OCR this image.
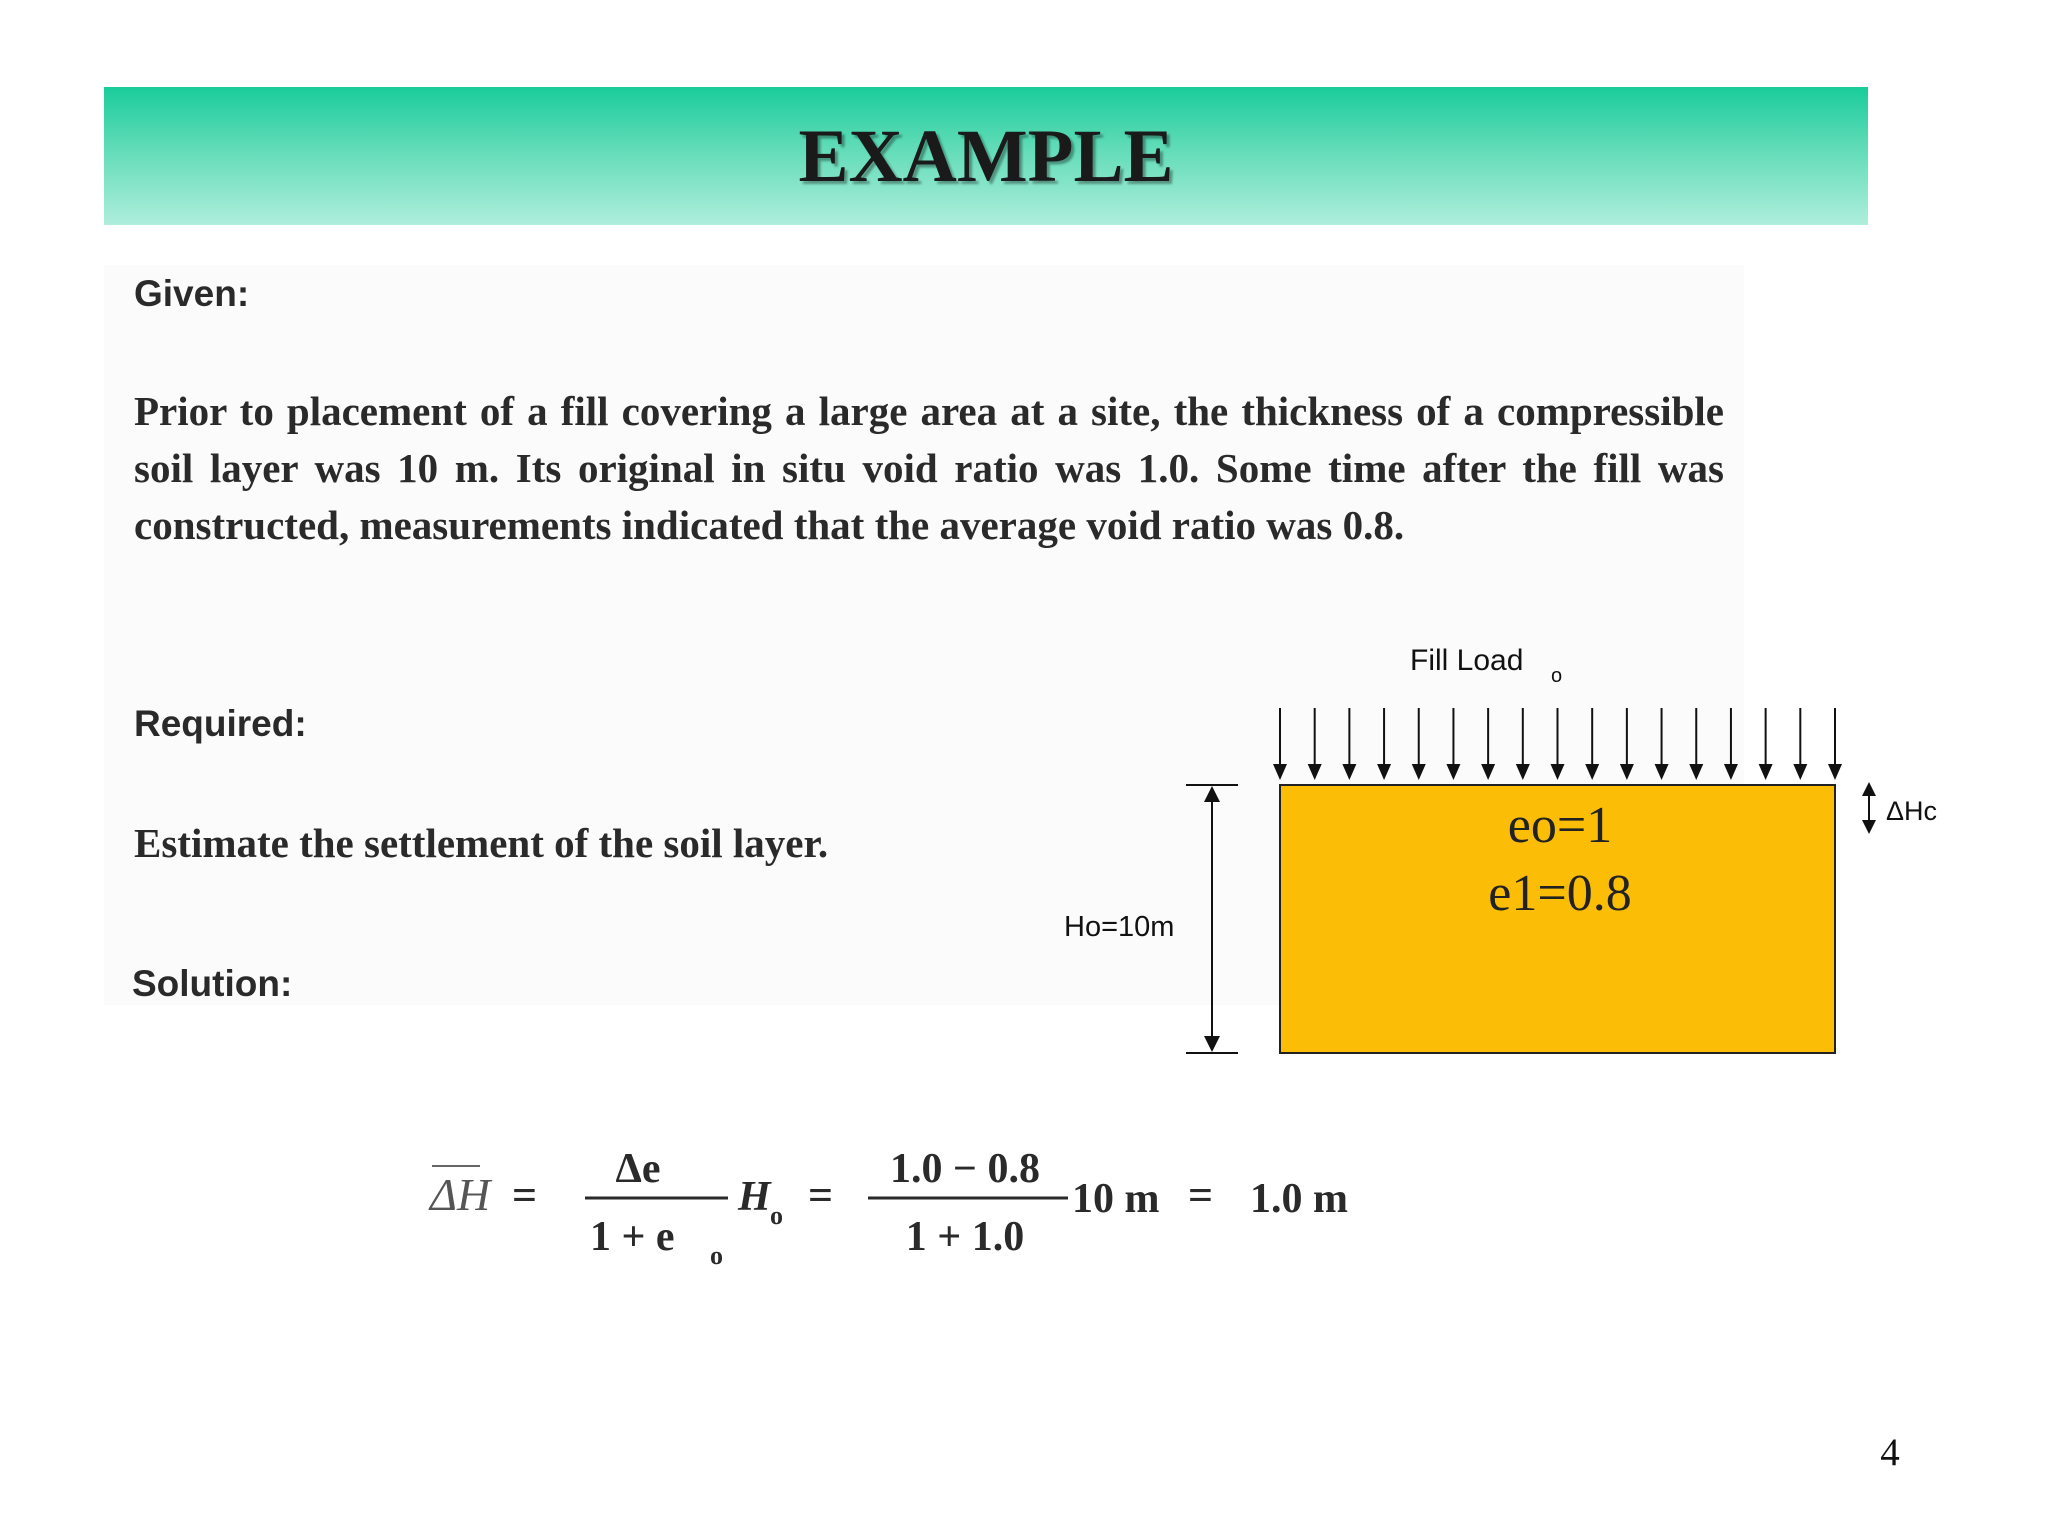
EXAMPLE
Given:
Prior to placement of a fill covering a large area at a site, the thickness of a compressible soil layer was 10 m. Its original in situ void ratio was 1.0. Some time after the fill was constructed, measurements indicated that the average void ratio was 0.8.
Required:
Estimate the settlement of the soil layer.
Solution:
ΔH =
Δe
1 + e o
H o =
1.0 − 0.8
1 + 1.0
10 m = 1.0 m
Fill Load o
eo=1
e1=0.8
Ho=10m
ΔHc
4
